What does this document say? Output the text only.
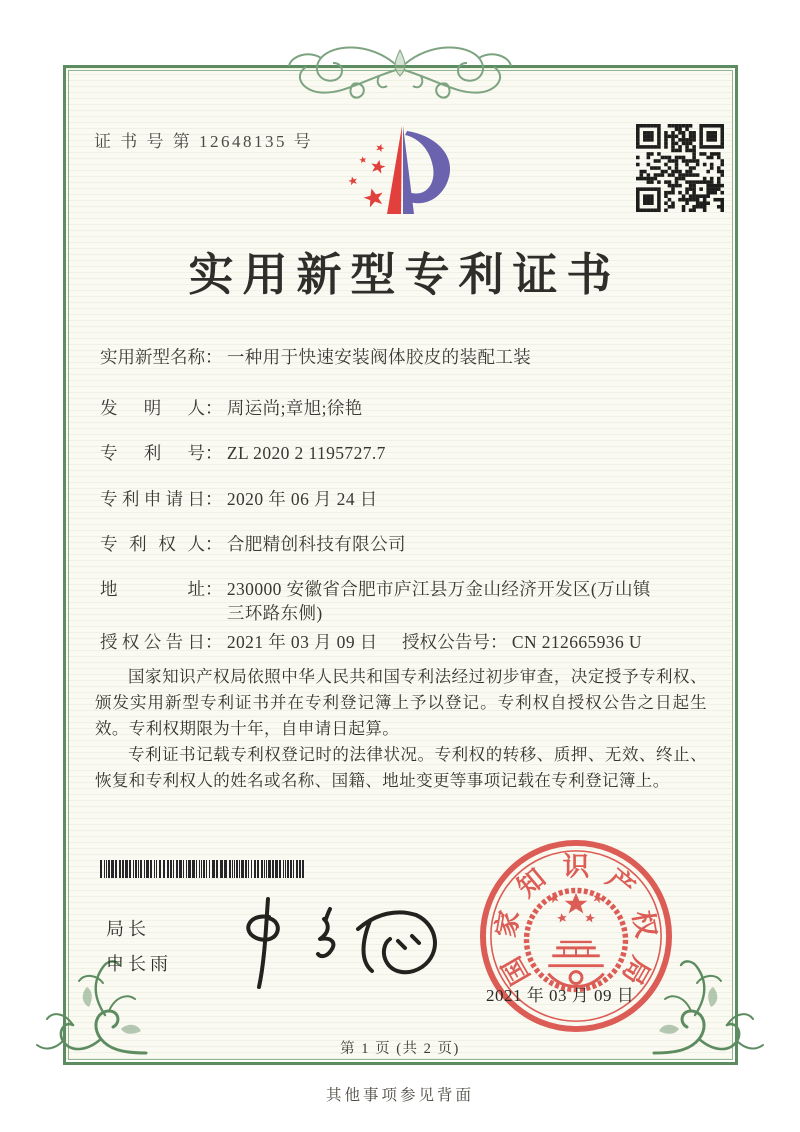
证 书 号 第 12648135 号
实用新型专利证书
实用新型名称： 一种用于快速安装阀体胶皮的装配工装
发明人： 周运尚;章旭;徐艳
专利号： ZL 2020 2 1195727.7
专利申请日： 2020 年 06 月 24 日
专利权人： 合肥精创科技有限公司
地址： 230000 安徽省合肥市庐江县万金山经济开发区(万山镇三环路东侧)
授权公告日： 2021 年 03 月 09 日 授权公告号： CN 212665936 U

国家知识产权局依照中华人民共和国专利法经过初步审查，决定授予专利权、颁发实用新型专利证书并在专利登记簿上予以登记。专利权自授权公告之日起生效。专利权期限为十年，自申请日起算。

专利证书记载专利权登记时的法律状况。专利权的转移、质押、无效、终止、恢复和专利权人的姓名或名称、国籍、地址变更等事项记载在专利登记簿上。

局长
申长雨	国
家
知 识 产
权
局
2021 年 03 月 09 日
第 1 页 (共 2 页)
其他事项参见背面
